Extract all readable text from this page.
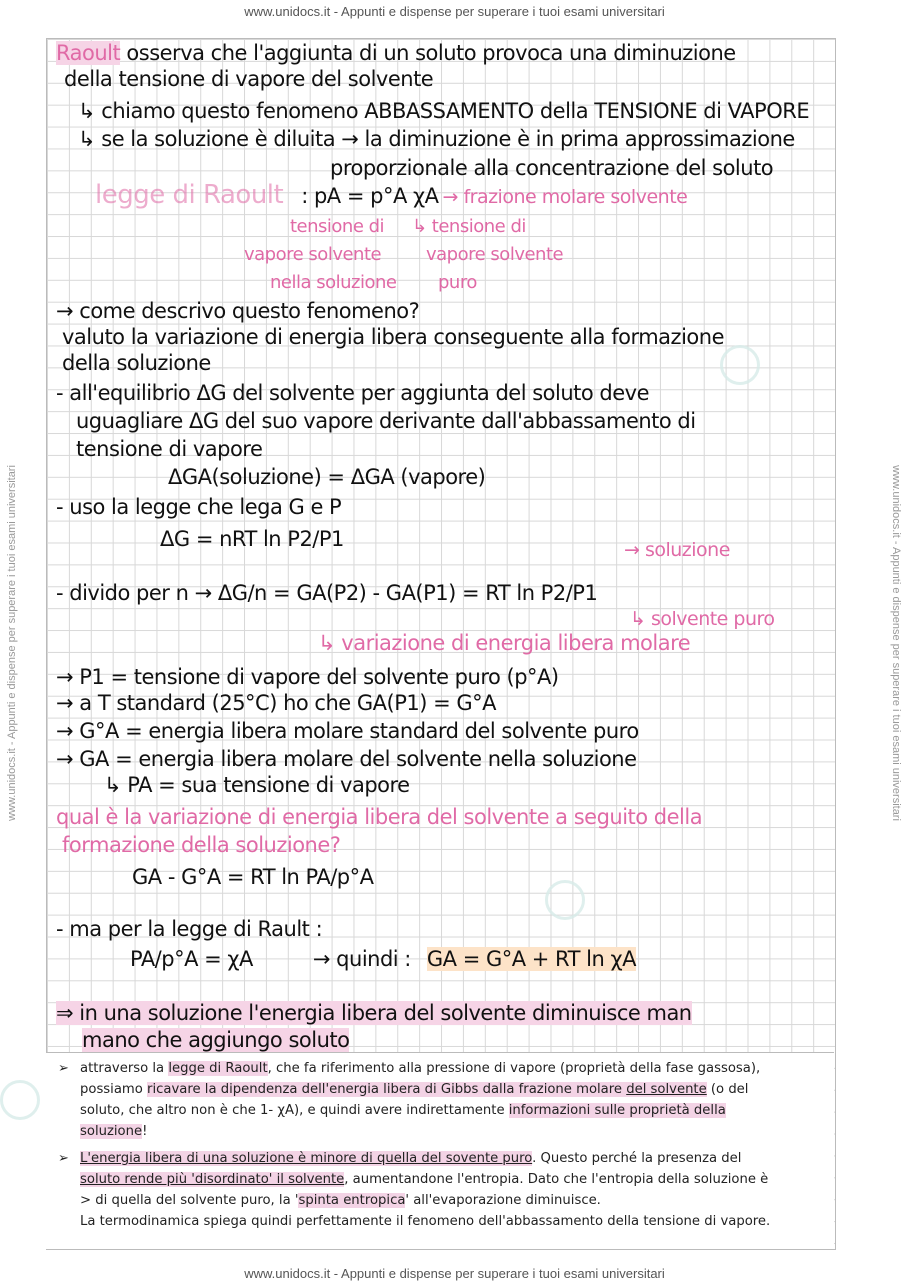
www.unidocs.it - Appunti e dispense per superare i tuoi esami universitari
www.unidocs.it - Appunti e dispense per superare i tuoi esami universitari	www.unidocs.it - Appunti e dispense per superare i tuoi esami universitari
Raoult osserva che l'aggiunta di un soluto provoca una diminuzione
della tensione di vapore del solvente
↳ chiamo questo fenomeno ABBASSAMENTO della TENSIONE di VAPORE
↳ se la soluzione è diluita → la diminuzione è in prima approssimazione
proporzionale alla concentrazione del soluto
legge di Raoult : pA = p°A χA → frazione molare solvente
tensione di ↳ tensione di
vapore solvente vapore solvente
nella soluzione puro
→ come descrivo questo fenomeno?
valuto la variazione di energia libera conseguente alla formazione
della soluzione
- all'equilibrio ΔG del solvente per aggiunta del soluto deve
uguagliare ΔG del suo vapore derivante dall'abbassamento di
tensione di vapore
ΔGA(soluzione) = ΔGA (vapore)
- uso la legge che lega G e P
ΔG = nRT ln P2/P1	→ soluzione
- divido per n → ΔG/n = GA(P2) - GA(P1) = RT ln P2/P1
↳ solvente puro
↳ variazione di energia libera molare
→ P1 = tensione di vapore del solvente puro (p°A)
→ a T standard (25°C) ho che GA(P1) = G°A
→ G°A = energia libera molare standard del solvente puro
→ GA = energia libera molare del solvente nella soluzione
↳ PA = sua tensione di vapore
qual è la variazione di energia libera del solvente a seguito della
formazione della soluzione?
GA - G°A = RT ln PA/p°A
- ma per la legge di Rault :
PA/p°A = χA	→ quindi : GA = G°A + RT ln χA
⇒ in una soluzione l'energia libera del solvente diminuisce man
mano che aggiungo soluto
➢ attraverso la legge di Raoult, che fa riferimento alla pressione di vapore (proprietà della fase gassosa),
possiamo ricavare la dipendenza dell'energia libera di Gibbs dalla frazione molare del solvente (o del
soluto, che altro non è che 1- χA), e quindi avere indirettamente informazioni sulle proprietà della
soluzione!
➢ L'energia libera di una soluzione è minore di quella del sovente puro. Questo perché la presenza del
soluto rende più 'disordinato' il solvente, aumentandone l'entropia. Dato che l'entropia della soluzione è
> di quella del solvente puro, la 'spinta entropica' all'evaporazione diminuisce.
La termodinamica spiega quindi perfettamente il fenomeno dell'abbassamento della tensione di vapore.
www.unidocs.it - Appunti e dispense per superare i tuoi esami universitari
